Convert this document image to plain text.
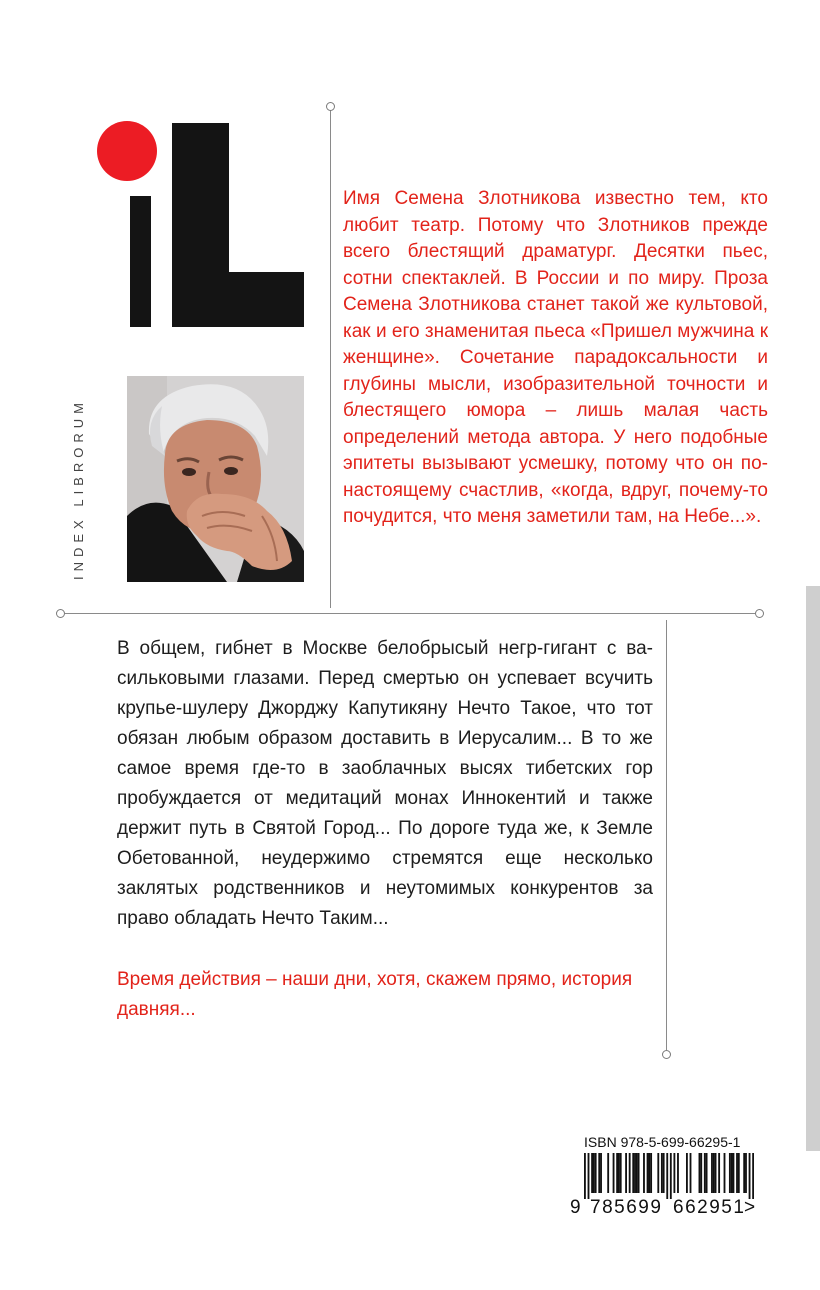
INDEX LIBRORUM

Имя Семена Злотникова известно тем, кто любит театр. Потому что Злотников прежде всего блестящий драматург. Десятки пьес, сотни спектаклей. В России и по миру. Проза Семена Злотникова станет такой же культовой, как и его знаменитая пьеса «Пришел мужчина к женщине». Сочетание парадоксальности и глубины мысли, изобразительной точности и блестящего юмора – лишь малая часть определений метода автора. У него подобные эпитеты вызывают усмешку, потому что он по-настоящему счастлив, «когда, вдруг, почему-то почудится, что меня заметили там, на Небе...».

В общем, гибнет в Москве белобрысый негр-гигант с васильковыми глазами. Перед смертью он успевает всучить крупье-шулеру Джорджу Капутикяну Нечто Такое, что тот обязан любым образом доставить в Иерусалим... В то же самое время где-то в заоблачных высях тибетских гор пробуждается от медитаций монах Иннокентий и также держит путь в Святой Город... По дороге туда же, к Земле Обетованной, неудержимо стремятся еще несколько заклятых родственников и неутомимых конкурентов за право обладать Нечто Таким...

Время действия – наши дни, хотя, скажем прямо, история давняя...

ISBN 978-5-699-66295-1
9 785699 662951
>
